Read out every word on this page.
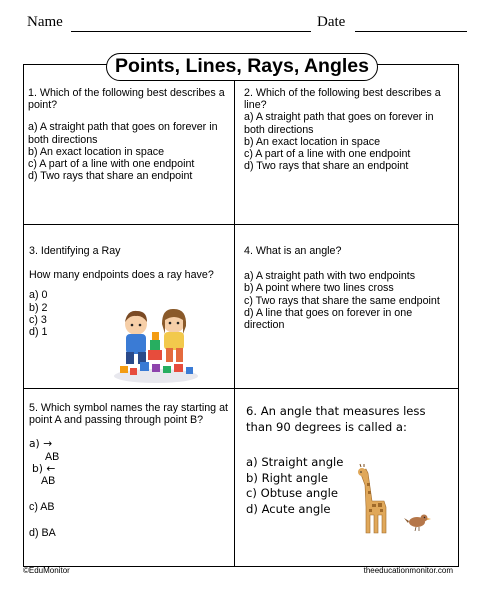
Name	Date
Points, Lines, Rays, Angles

1. Which of the following best describes a point?

a) A straight path that goes on forever in both directions

b) An exact location in space

c) A part of a line with one endpoint

d) Two rays that share an endpoint

2. Which of the following best describes a line?

a) A straight path that goes on forever in both directions

b) An exact location in space

c) A part of a line with one endpoint

d) Two rays that share an endpoint

3. Identifying a Ray

How many endpoints does a ray have?

a) 0

b) 2

c) 3

d) 1

4. What is an angle?

a) A straight path with two endpoints

b) A point where two lines cross

c) Two rays that share the same endpoint

d) A line that goes on forever in one direction

5. Which symbol names the ray starting at point A and passing through point B?

a) →

AB

b) ←

AB

c) AB

d) BA

6. An angle that measures less than 90 degrees is called a:

a) Straight angle

b) Right angle

c) Obtuse angle

d) Acute angle

©EduMonitor	theeducationmonitor.com
